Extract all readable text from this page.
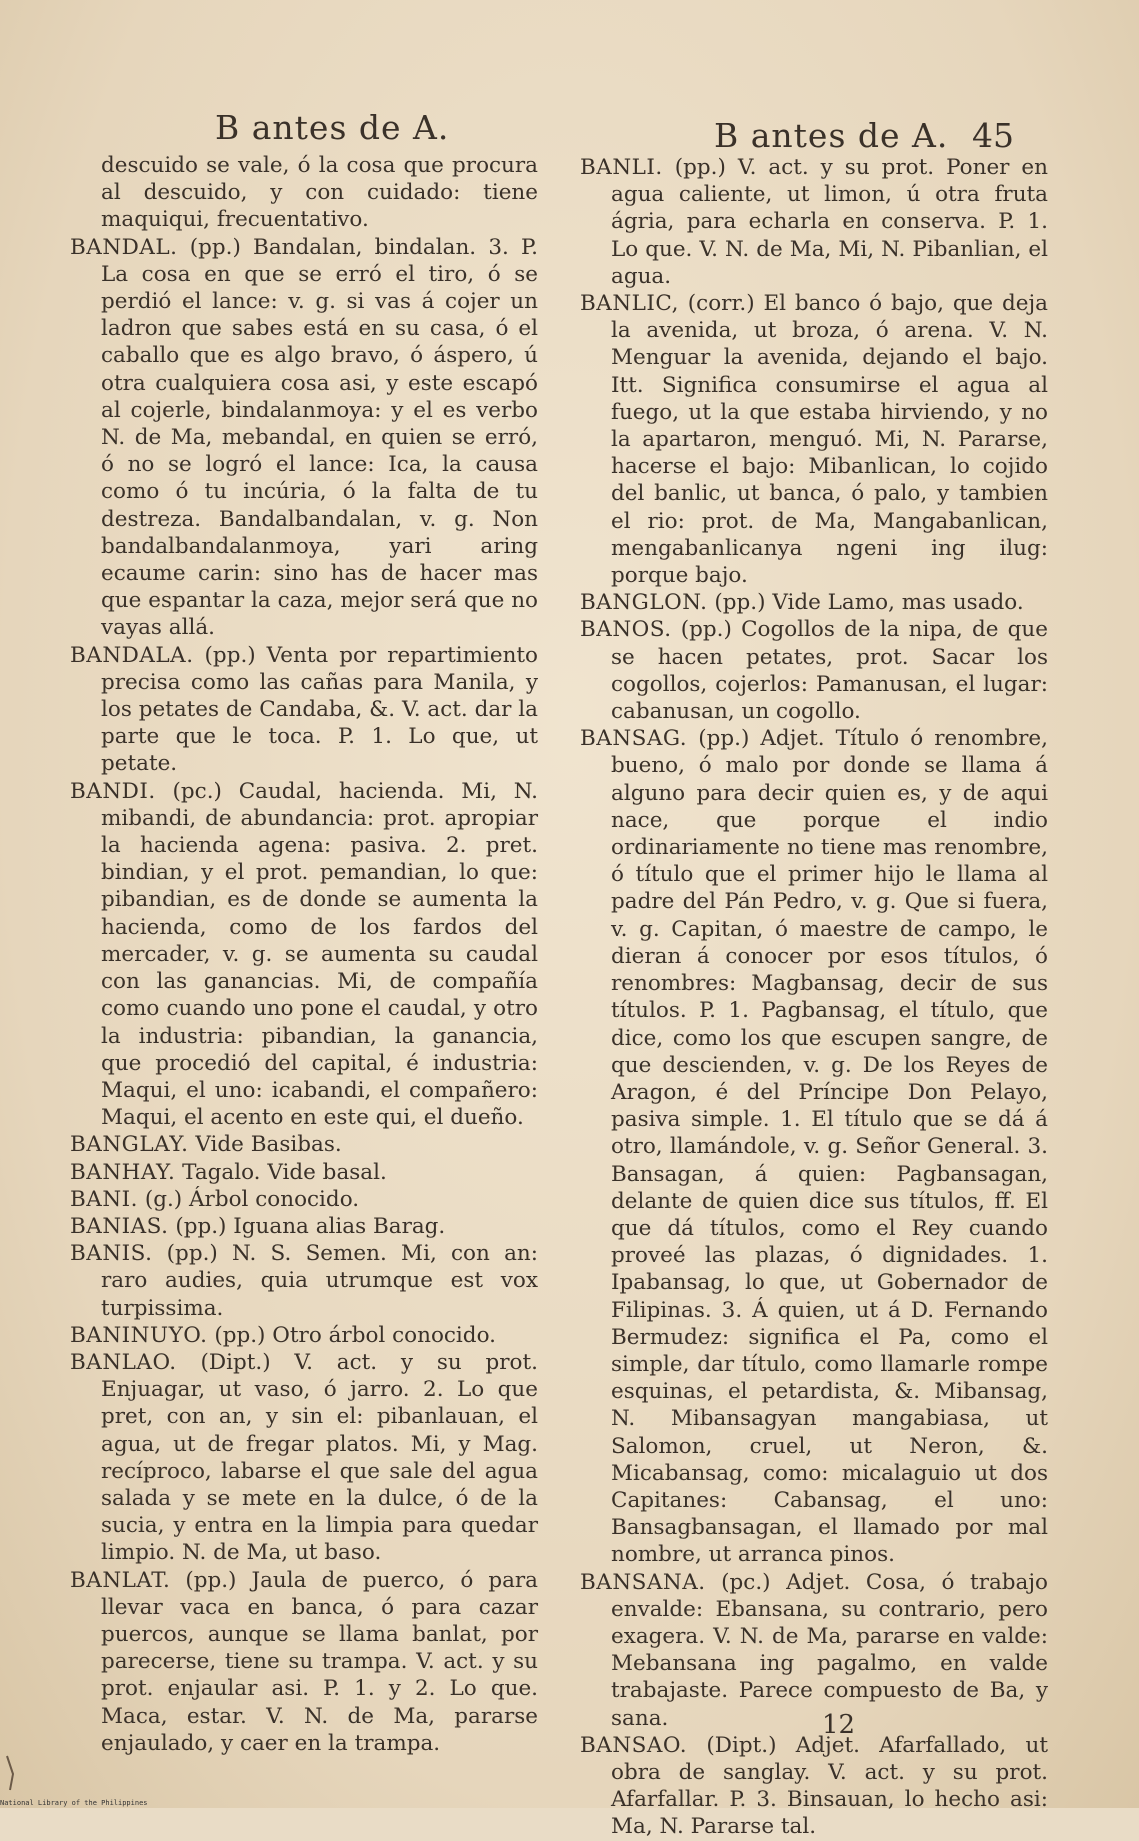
B antes de A.	B antes de A. 45

descuido se vale, ó la cosa que procura al descuido, y con cuidado: tiene maquiqui, frecuentativo.

BANDAL. (pp.) Bandalan, bindalan. 3. P. La cosa en que se erró el tiro, ó se perdió el lance: v. g. si vas á cojer un ladron que sabes está en su casa, ó el caballo que es algo bravo, ó áspero, ú otra cualquiera cosa asi, y este escapó al cojerle, bindalanmoya: y el es verbo N. de Ma, mebandal, en quien se erró, ó no se logró el lance: Ica, la causa como ó tu incúria, ó la falta de tu destreza. Bandalbandalan, v. g. Non bandalbandalanmoya, yari aring ecaume carin: sino has de hacer mas que espantar la caza, mejor será que no vayas allá.

BANDALA. (pp.) Venta por repartimiento precisa como las cañas para Manila, y los petates de Candaba, &. V. act. dar la parte que le toca. P. 1. Lo que, ut petate.

BANDI. (pc.) Caudal, hacienda. Mi, N. mibandi, de abundancia: prot. apropiar la hacienda agena: pasiva. 2. pret. bindian, y el prot. pemandian, lo que: pibandian, es de donde se aumenta la hacienda, como de los fardos del mercader, v. g. se aumenta su caudal con las ganancias. Mi, de compañía como cuando uno pone el caudal, y otro la industria: pibandian, la ganancia, que procedió del capital, é industria: Maqui, el uno: icabandi, el compañero: Maqui, el acento en este qui, el dueño.

BANGLAY. Vide Basibas.

BANHAY. Tagalo. Vide basal.

BANI. (g.) Árbol conocido.

BANIAS. (pp.) Iguana alias Barag.

BANIS. (pp.) N. S. Semen. Mi, con an: raro audies, quia utrumque est vox turpissima.

BANINUYO. (pp.) Otro árbol conocido.

BANLAO. (Dipt.) V. act. y su prot. Enjuagar, ut vaso, ó jarro. 2. Lo que pret, con an, y sin el: pibanlauan, el agua, ut de fregar platos. Mi, y Mag. recíproco, labarse el que sale del agua salada y se mete en la dulce, ó de la sucia, y entra en la limpia para quedar limpio. N. de Ma, ut baso.

BANLAT. (pp.) Jaula de puerco, ó para llevar vaca en banca, ó para cazar puercos, aunque se llama banlat, por parecerse, tiene su trampa. V. act. y su prot. enjaular asi. P. 1. y 2. Lo que. Maca, estar. V. N. de Ma, pararse enjaulado, y caer en la trampa.

BANLI. (pp.) V. act. y su prot. Poner en agua caliente, ut limon, ú otra fruta ágria, para echarla en conserva. P. 1. Lo que. V. N. de Ma, Mi, N. Pibanlian, el agua.

BANLIC, (corr.) El banco ó bajo, que deja la avenida, ut broza, ó arena. V. N. Menguar la avenida, dejando el bajo. Itt. Significa consumirse el agua al fuego, ut la que estaba hirviendo, y no la apartaron, menguó. Mi, N. Pararse, hacerse el bajo: Mibanlican, lo cojido del banlic, ut banca, ó palo, y tambien el rio: prot. de Ma, Mangabanlican, mengabanlicanya ngeni ing ilug: porque bajo.

BANGLON. (pp.) Vide Lamo, mas usado.

BANOS. (pp.) Cogollos de la nipa, de que se hacen petates, prot. Sacar los cogollos, cojerlos: Pamanusan, el lugar: cabanusan, un cogollo.

BANSAG. (pp.) Adjet. Título ó renombre, bueno, ó malo por donde se llama á alguno para decir quien es, y de aqui nace, que porque el indio ordinariamente no tiene mas renombre, ó título que el primer hijo le llama al padre del Pán Pedro, v. g. Que si fuera, v. g. Capitan, ó maestre de campo, le dieran á conocer por esos títulos, ó renombres: Magbansag, decir de sus títulos. P. 1. Pagbansag, el título, que dice, como los que escupen sangre, de que descienden, v. g. De los Reyes de Aragon, é del Príncipe Don Pelayo, pasiva simple. 1. El título que se dá á otro, llamándole, v. g. Señor General. 3. Bansagan, á quien: Pagbansagan, delante de quien dice sus títulos, ff. El que dá títulos, como el Rey cuando proveé las plazas, ó dignidades. 1. Ipabansag, lo que, ut Gobernador de Filipinas. 3. Á quien, ut á D. Fernando Bermudez: significa el Pa, como el simple, dar título, como llamarle rompe esquinas, el petardista, &. Mibansag, N. Mibansagyan mangabiasa, ut Salomon, cruel, ut Neron, &. Micabansag, como: micalaguio ut dos Capitanes: Cabansag, el uno: Bansagbansagan, el llamado por mal nombre, ut arranca pinos.

BANSANA. (pc.) Adjet. Cosa, ó trabajo envalde: Ebansana, su contrario, pero exagera. V. N. de Ma, pararse en valde: Mebansana ing pagalmo, en valde trabajaste. Parece compuesto de Ba, y sana.

BANSAO. (Dipt.) Adjet. Afarfallado, ut obra de sanglay. V. act. y su prot. Afarfallar. P. 3. Binsauan, lo hecho asi: Ma, N. Pararse tal.

12
National Library of the Philippines
